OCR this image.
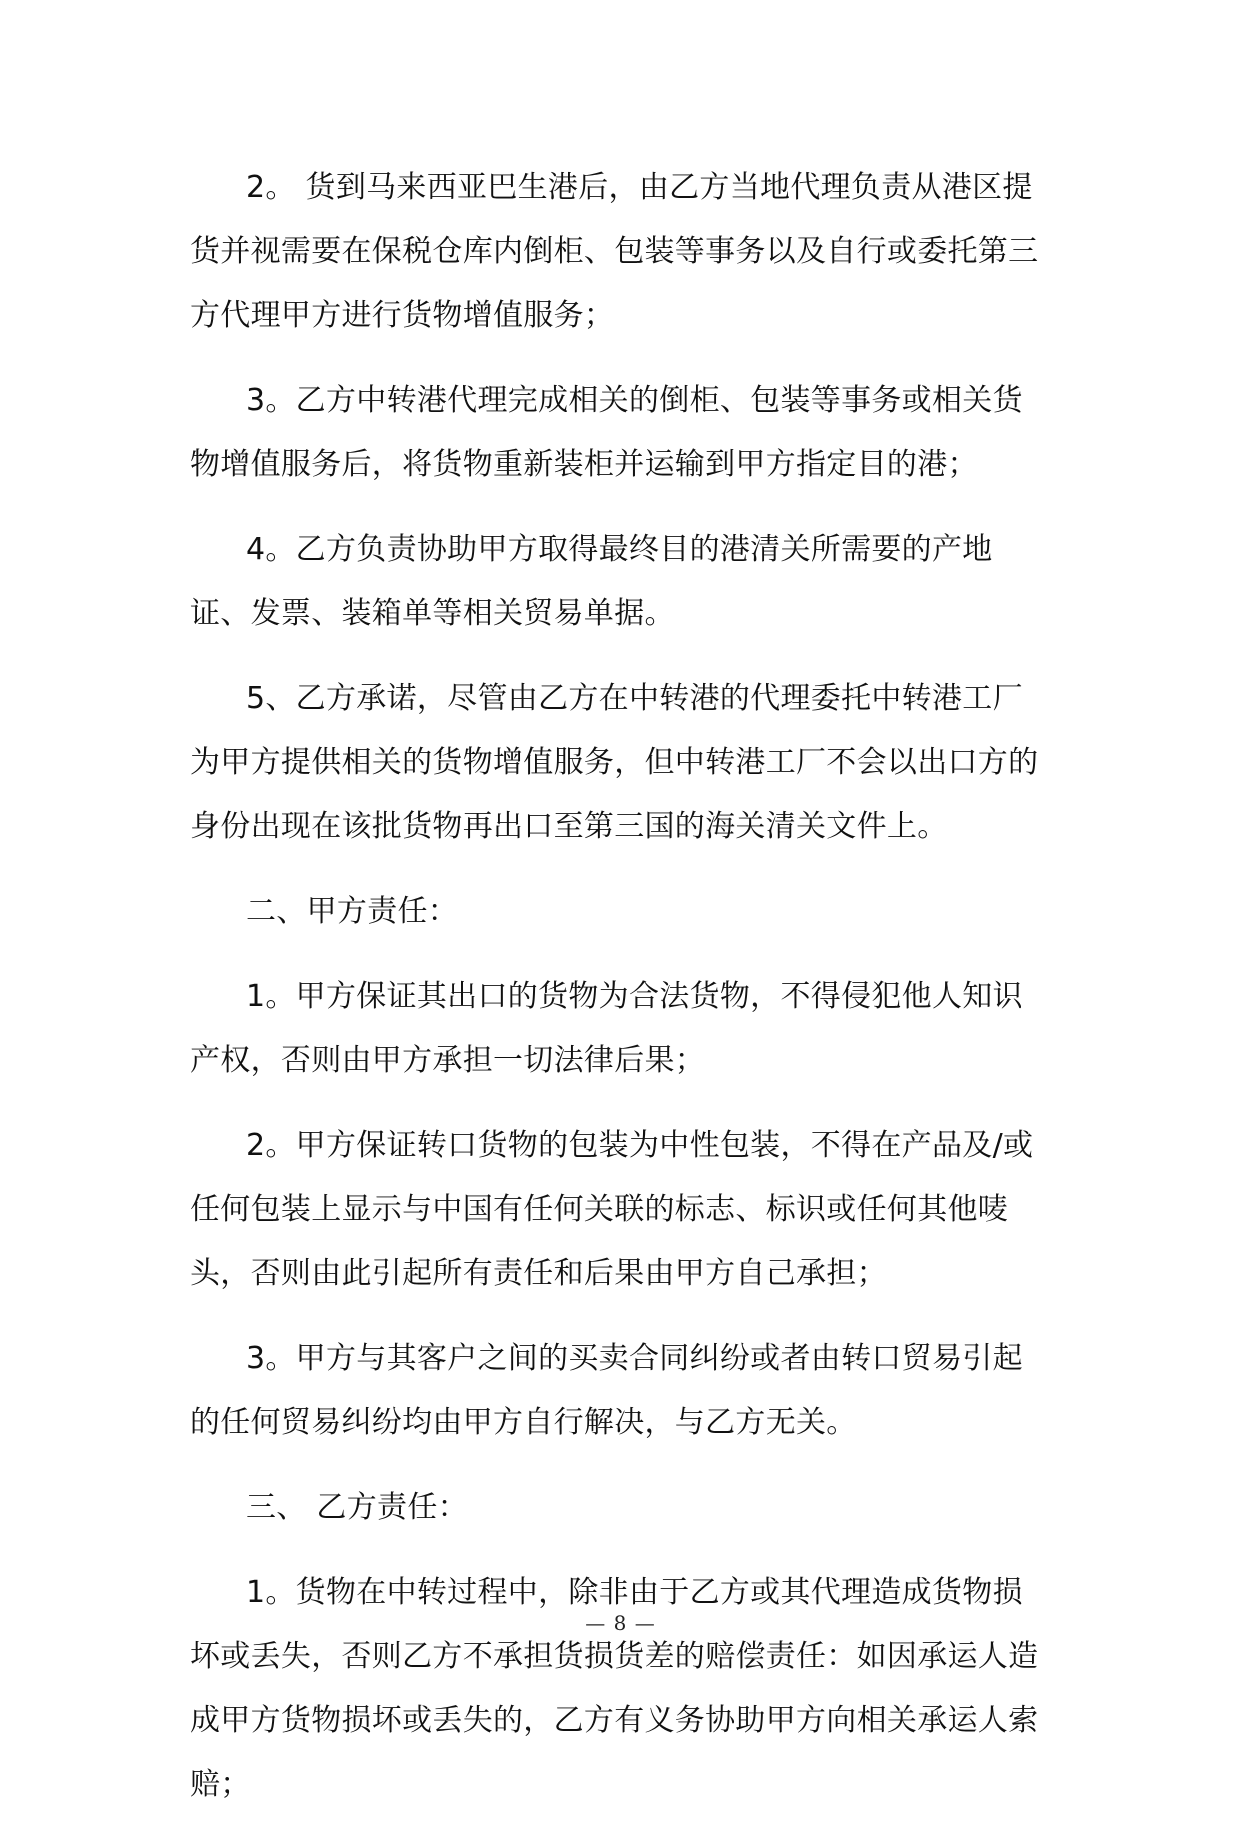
2。 货到马来西亚巴生港后，由乙方当地代理负责从港区提货并视需要在保税仓库内倒柜、包装等事务以及自行或委托第三方代理甲方进行货物增值服务；

3。乙方中转港代理完成相关的倒柜、包装等事务或相关货物增值服务后，将货物重新装柜并运输到甲方指定目的港；

4。乙方负责协助甲方取得最终目的港清关所需要的产地证、发票、装箱单等相关贸易单据。

5、乙方承诺，尽管由乙方在中转港的代理委托中转港工厂为甲方提供相关的货物增值服务，但中转港工厂不会以出口方的身份出现在该批货物再出口至第三国的海关清关文件上。

二、甲方责任：

1。甲方保证其出口的货物为合法货物，不得侵犯他人知识产权，否则由甲方承担一切法律后果；

2。甲方保证转口货物的包装为中性包装，不得在产品及/或任何包装上显示与中国有任何关联的标志、标识或任何其他唛头，否则由此引起所有责任和后果由甲方自己承担；

3。甲方与其客户之间的买卖合同纠纷或者由转口贸易引起的任何贸易纠纷均由甲方自行解决，与乙方无关。

三、 乙方责任：

1。货物在中转过程中，除非由于乙方或其代理造成货物损坏或丢失，否则乙方不承担货损货差的赔偿责任：如因承运人造成甲方货物损坏或丢失的，乙方有义务协助甲方向相关承运人索赔；

— 8 —
